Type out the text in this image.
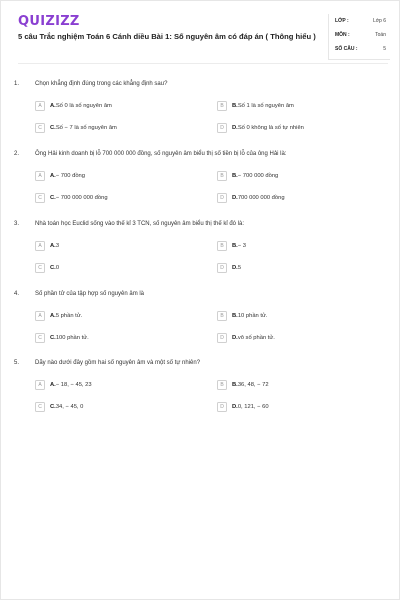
QUIZIZZ
5 câu Trắc nghiệm Toán 6 Cánh diều Bài 1: Số nguyên âm có đáp án ( Thông hiểu )
LỚP :	Lớp 6
MÔN :	Toán
SỐ CÂU :	5
1.	Chọn khẳng định đúng trong các khẳng định sau?
A	A.Số 0 là số nguyên âm	B	B.Số 1 là số nguyên âm
C	C.Số − 7 là số nguyên âm	D	D.Số 0 không là số tự nhiên
2.	Ông Hải kinh doanh bị lỗ 700 000 000 đồng, số nguyên âm biểu thị số tiền bị lỗ của ông Hải là:
A	A.− 700 đồng	B	B.− 700 000 đồng
C	C.− 700 000 000 đồng	D	D.700 000 000 đồng
3.	Nhà toán học Euclid sống vào thế kỉ 3 TCN, số nguyên âm biểu thị thế kỉ đó là:
A	A.3	B	B.− 3
C	C.0	D	D.5
4.	Số phần tử của tập hợp số nguyên âm là
A	A.5 phần tử.	B	B.10 phần tử.
C	C.100 phần tử.	D	D.vô số phần tử.
5.	Dãy nào dưới đây gồm hai số nguyên âm và một số tự nhiên?
A	A.− 18, − 45, 23	B	B.36, 48, − 72
C	C.34, − 45, 0	D	D.0, 121, − 60
